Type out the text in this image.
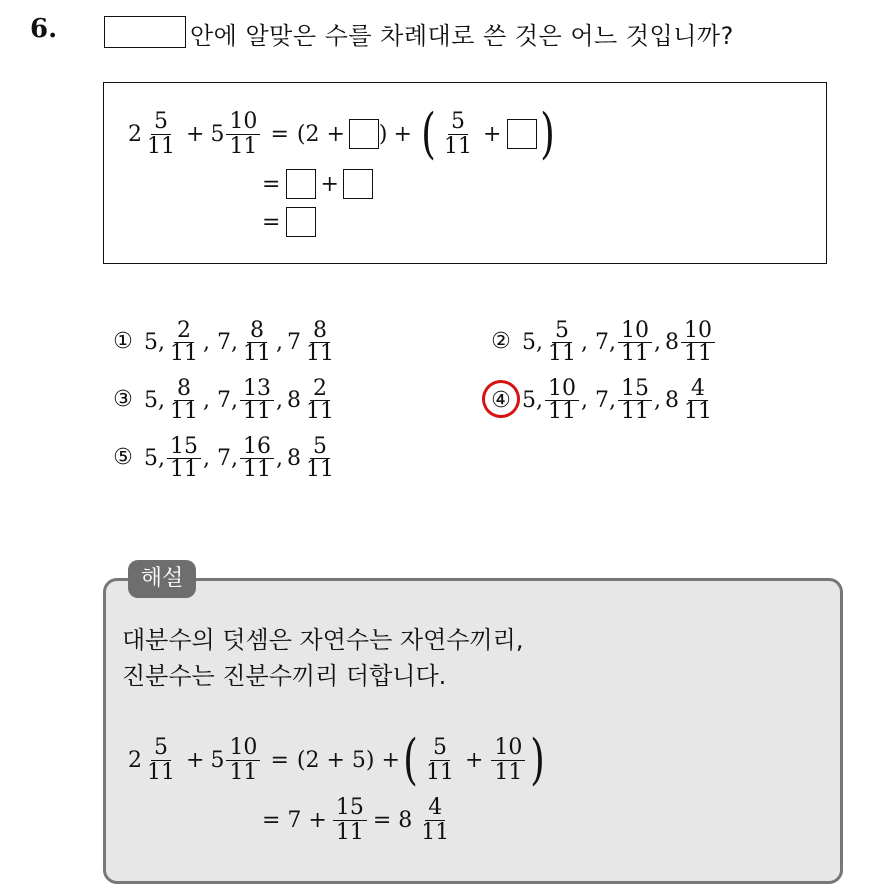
6.	안에 알맞은 수를 차례대로 쓴 것은 어느 것입니까?
$2 \frac{5}{11} + 5 \frac{10}{11} = (2$ + ) + ( $\frac{5}{11}$ + )
= +
=
① 5, $\frac{2}{11}$ , 7, $\frac{8}{11}$ , $7 \frac{8}{11}$	② 5, $\frac{5}{11}$ , 7, $\frac{10}{11}$ , $8 \frac{10}{11}$
③ 5, $\frac{8}{11}$ , 7, $\frac{13}{11}$ , $8 \frac{2}{11}$	④ 5, $\frac{10}{11}$ , 7, $\frac{15}{11}$ , $8 \frac{4}{11}$
⑤ 5, $\frac{15}{11}$ , 7, $\frac{16}{11}$ , $8 \frac{5}{11}$
해설
대분수의 덧셈은 자연수는 자연수끼리,
진분수는 진분수끼리 더합니다.
$2 \frac{5}{11} + 5 \frac{10}{11} = (2 + 5)$ + ( $\frac{5}{11} + \frac{10}{11}$ )
= $7 + \frac{15}{11} = 8 \frac{4}{11}$
